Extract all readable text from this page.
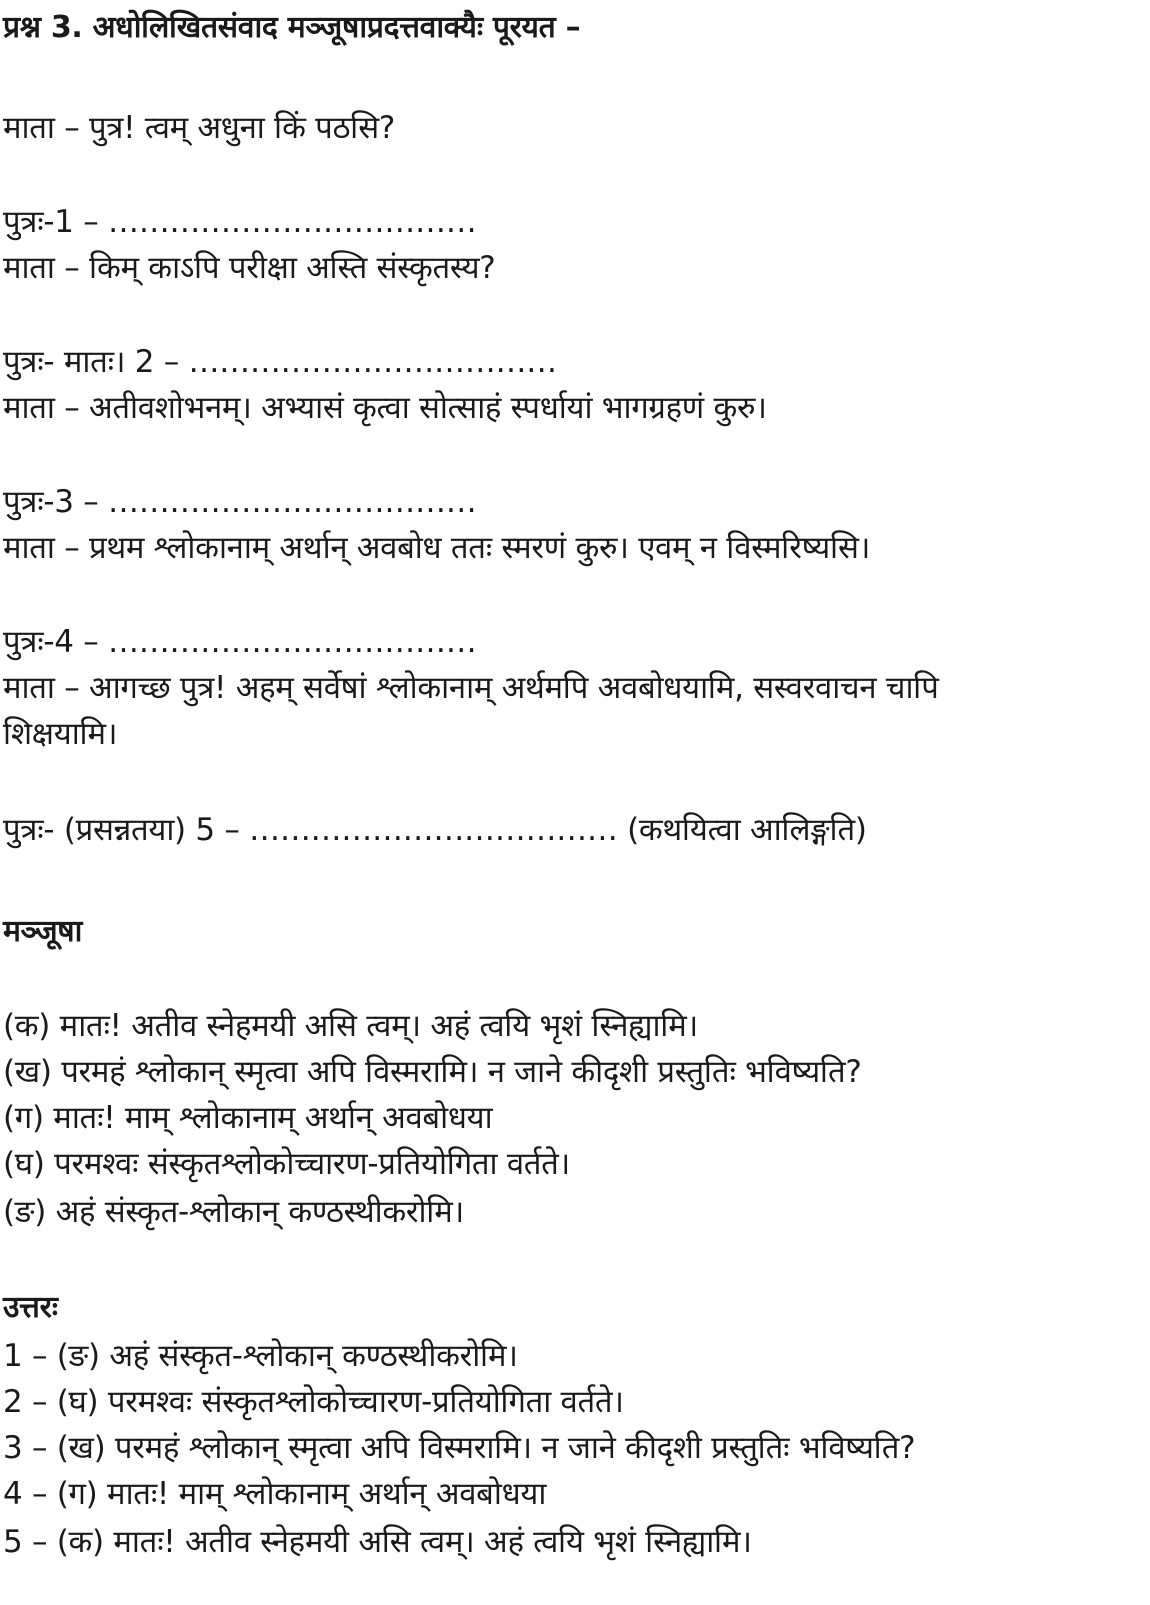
प्रश्न 3. अधोलिखितसंवाद मञ्जूषाप्रदत्तवाक्यैः पूरयत –

माता – पुत्र! त्वम् अधुना किं पठसि?

पुत्रः-1 – ………………………………

माता – किम् काऽपि परीक्षा अस्ति संस्कृतस्य?

पुत्रः- मातः। 2 – ………………………………

माता – अतीवशोभनम्। अभ्यासं कृत्वा सोत्साहं स्पर्धायां भागग्रहणं कुरु।

पुत्रः-3 – ………………………………

माता – प्रथम श्लोकानाम् अर्थान् अवबोध ततः स्मरणं कुरु। एवम् न विस्मरिष्यसि।

पुत्रः-4 – ………………………………

माता – आगच्छ पुत्र! अहम् सर्वेषां श्लोकानाम् अर्थमपि अवबोधयामि, सस्वरवाचन चापि

शिक्षयामि।

पुत्रः- (प्रसन्नतया) 5 – ……………………………… (कथयित्वा आलिङ्गति)

मञ्जूषा

(क) मातः! अतीव स्नेहमयी असि त्वम्। अहं त्वयि भृशं स्निह्यामि।

(ख) परमहं श्लोकान् स्मृत्वा अपि विस्मरामि। न जाने कीदृशी प्रस्तुतिः भविष्यति?

(ग) मातः! माम् श्लोकानाम् अर्थान् अवबोधया

(घ) परमश्वः संस्कृतश्लोकोच्चारण-प्रतियोगिता वर्तते।

(ङ) अहं संस्कृत-श्लोकान् कण्ठस्थीकरोमि।

उत्तरः

1 – (ङ) अहं संस्कृत-श्लोकान् कण्ठस्थीकरोमि।

2 – (घ) परमश्वः संस्कृतश्लोकोच्चारण-प्रतियोगिता वर्तते।

3 – (ख) परमहं श्लोकान् स्मृत्वा अपि विस्मरामि। न जाने कीदृशी प्रस्तुतिः भविष्यति?

4 – (ग) मातः! माम् श्लोकानाम् अर्थान् अवबोधया

5 – (क) मातः! अतीव स्नेहमयी असि त्वम्। अहं त्वयि भृशं स्निह्यामि।
